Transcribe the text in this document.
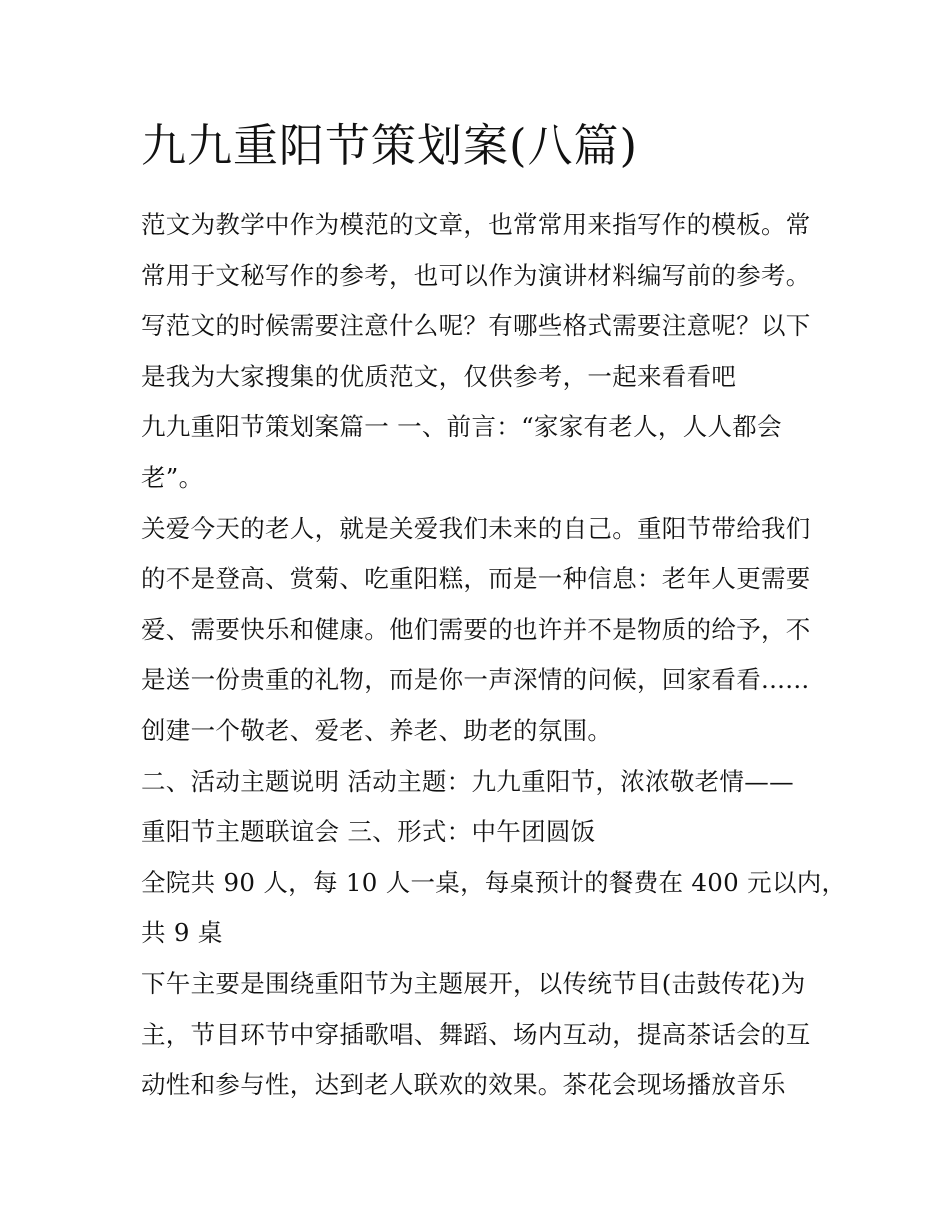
九九重阳节策划案(八篇)
范文为教学中作为模范的文章，也常常用来指写作的模板。常
常用于文秘写作的参考，也可以作为演讲材料编写前的参考。
写范文的时候需要注意什么呢？有哪些格式需要注意呢？以下
是我为大家搜集的优质范文，仅供参考，一起来看看吧
九九重阳节策划案篇一 一、前言：“家家有老人，人人都会
老”。
关爱今天的老人，就是关爱我们未来的自己。重阳节带给我们
的不是登高、赏菊、吃重阳糕，而是一种信息：老年人更需要
爱、需要快乐和健康。他们需要的也许并不是物质的给予，不
是送一份贵重的礼物，而是你一声深情的问候，回家看看......
创建一个敬老、爱老、养老、助老的氛围。
二、活动主题说明 活动主题：九九重阳节，浓浓敬老情——
重阳节主题联谊会 三、形式：中午团圆饭
全院共 90 人，每 10 人一桌，每桌预计的餐费在 400 元以内，
共 9 桌
下午主要是围绕重阳节为主题展开，以传统节目(击鼓传花)为
主，节目环节中穿插歌唱、舞蹈、场内互动，提高茶话会的互
动性和参与性，达到老人联欢的效果。茶花会现场播放音乐
